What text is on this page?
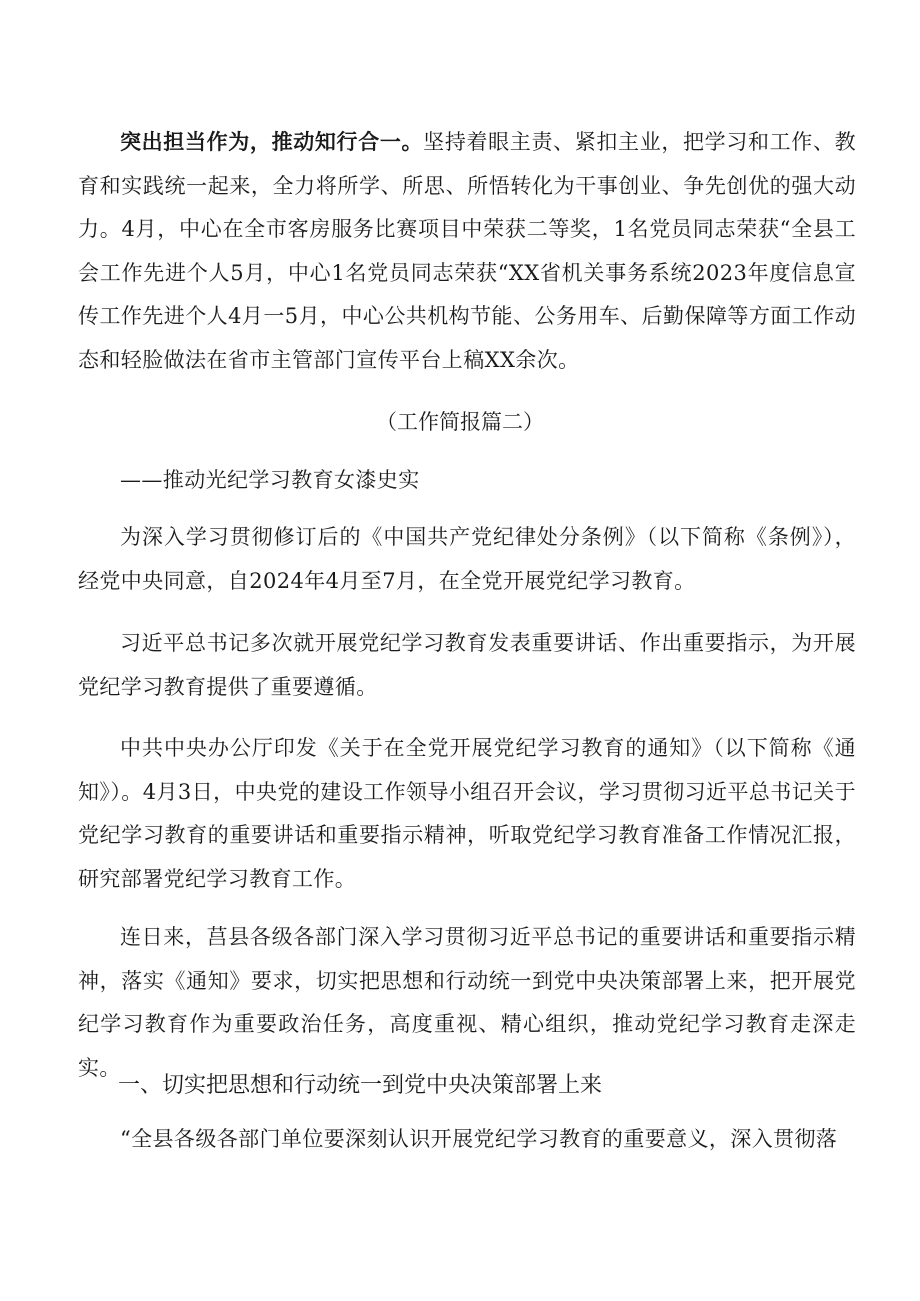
突出担当作为，推动知行合一。坚持着眼主责、紧扣主业，把学习和工作、教育和实践统一起来，全力将所学、所思、所悟转化为干事创业、争先创优的强大动力。4月，中心在全市客房服务比赛项目中荣获二等奖，1名党员同志荣获“全县工会工作先进个人5月，中心1名党员同志荣获“XX省机关事务系统2023年度信息宣传工作先进个人4月一5月，中心公共机构节能、公务用车、后勤保障等方面工作动态和轻脸做法在省市主管部门宣传平台上稿XX余次。

（工作简报篇二）
——推动光纪学习教育女漆史实

为深入学习贯彻修订后的《中国共产党纪律处分条例》（以下简称《条例》），经党中央同意，自2024年4月至7月，在全党开展党纪学习教育。

习近平总书记多次就开展党纪学习教育发表重要讲话、作出重要指示，为开展党纪学习教育提供了重要遵循。

中共中央办公厅印发《关于在全党开展党纪学习教育的通知》（以下简称《通知》）。4月3日，中央党的建设工作领导小组召开会议，学习贯彻习近平总书记关于党纪学习教育的重要讲话和重要指示精神，听取党纪学习教育准备工作情况汇报，研究部署党纪学习教育工作。

连日来，莒县各级各部门深入学习贯彻习近平总书记的重要讲话和重要指示精神，落实《通知》要求，切实把思想和行动统一到党中央决策部署上来，把开展党纪学习教育作为重要政治任务，高度重视、精心组织，推动党纪学习教育走深走实。

一、切实把思想和行动统一到党中央决策部署上来

“全县各级各部门单位要深刻认识开展党纪学习教育的重要意义，深入贯彻落
